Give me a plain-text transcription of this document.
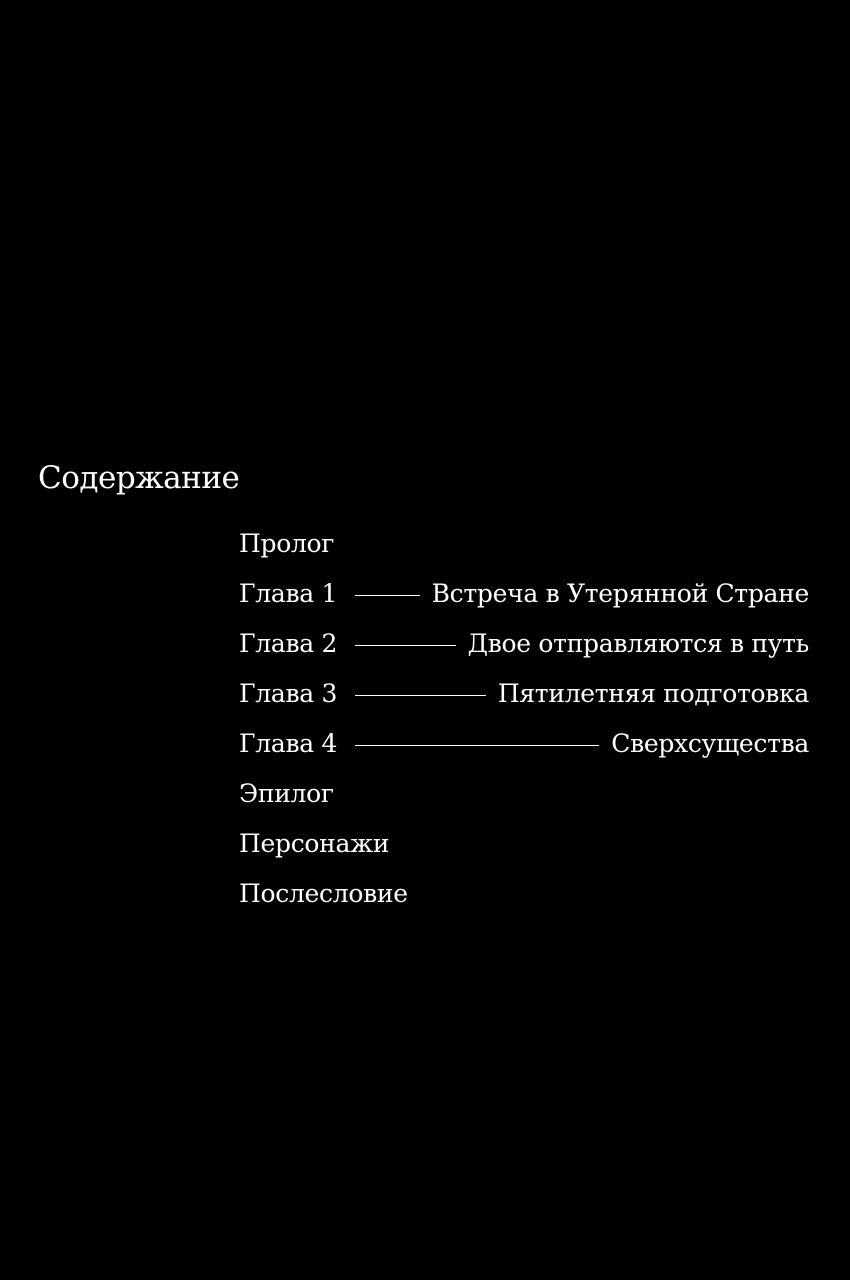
Содержание
Пролог
Глава 1	Встреча в Утерянной Стране
Глава 2	Двое отправляются в путь
Глава 3	Пятилетняя подготовка
Глава 4	Сверхсущества
Эпилог
Персонажи
Послесловие
